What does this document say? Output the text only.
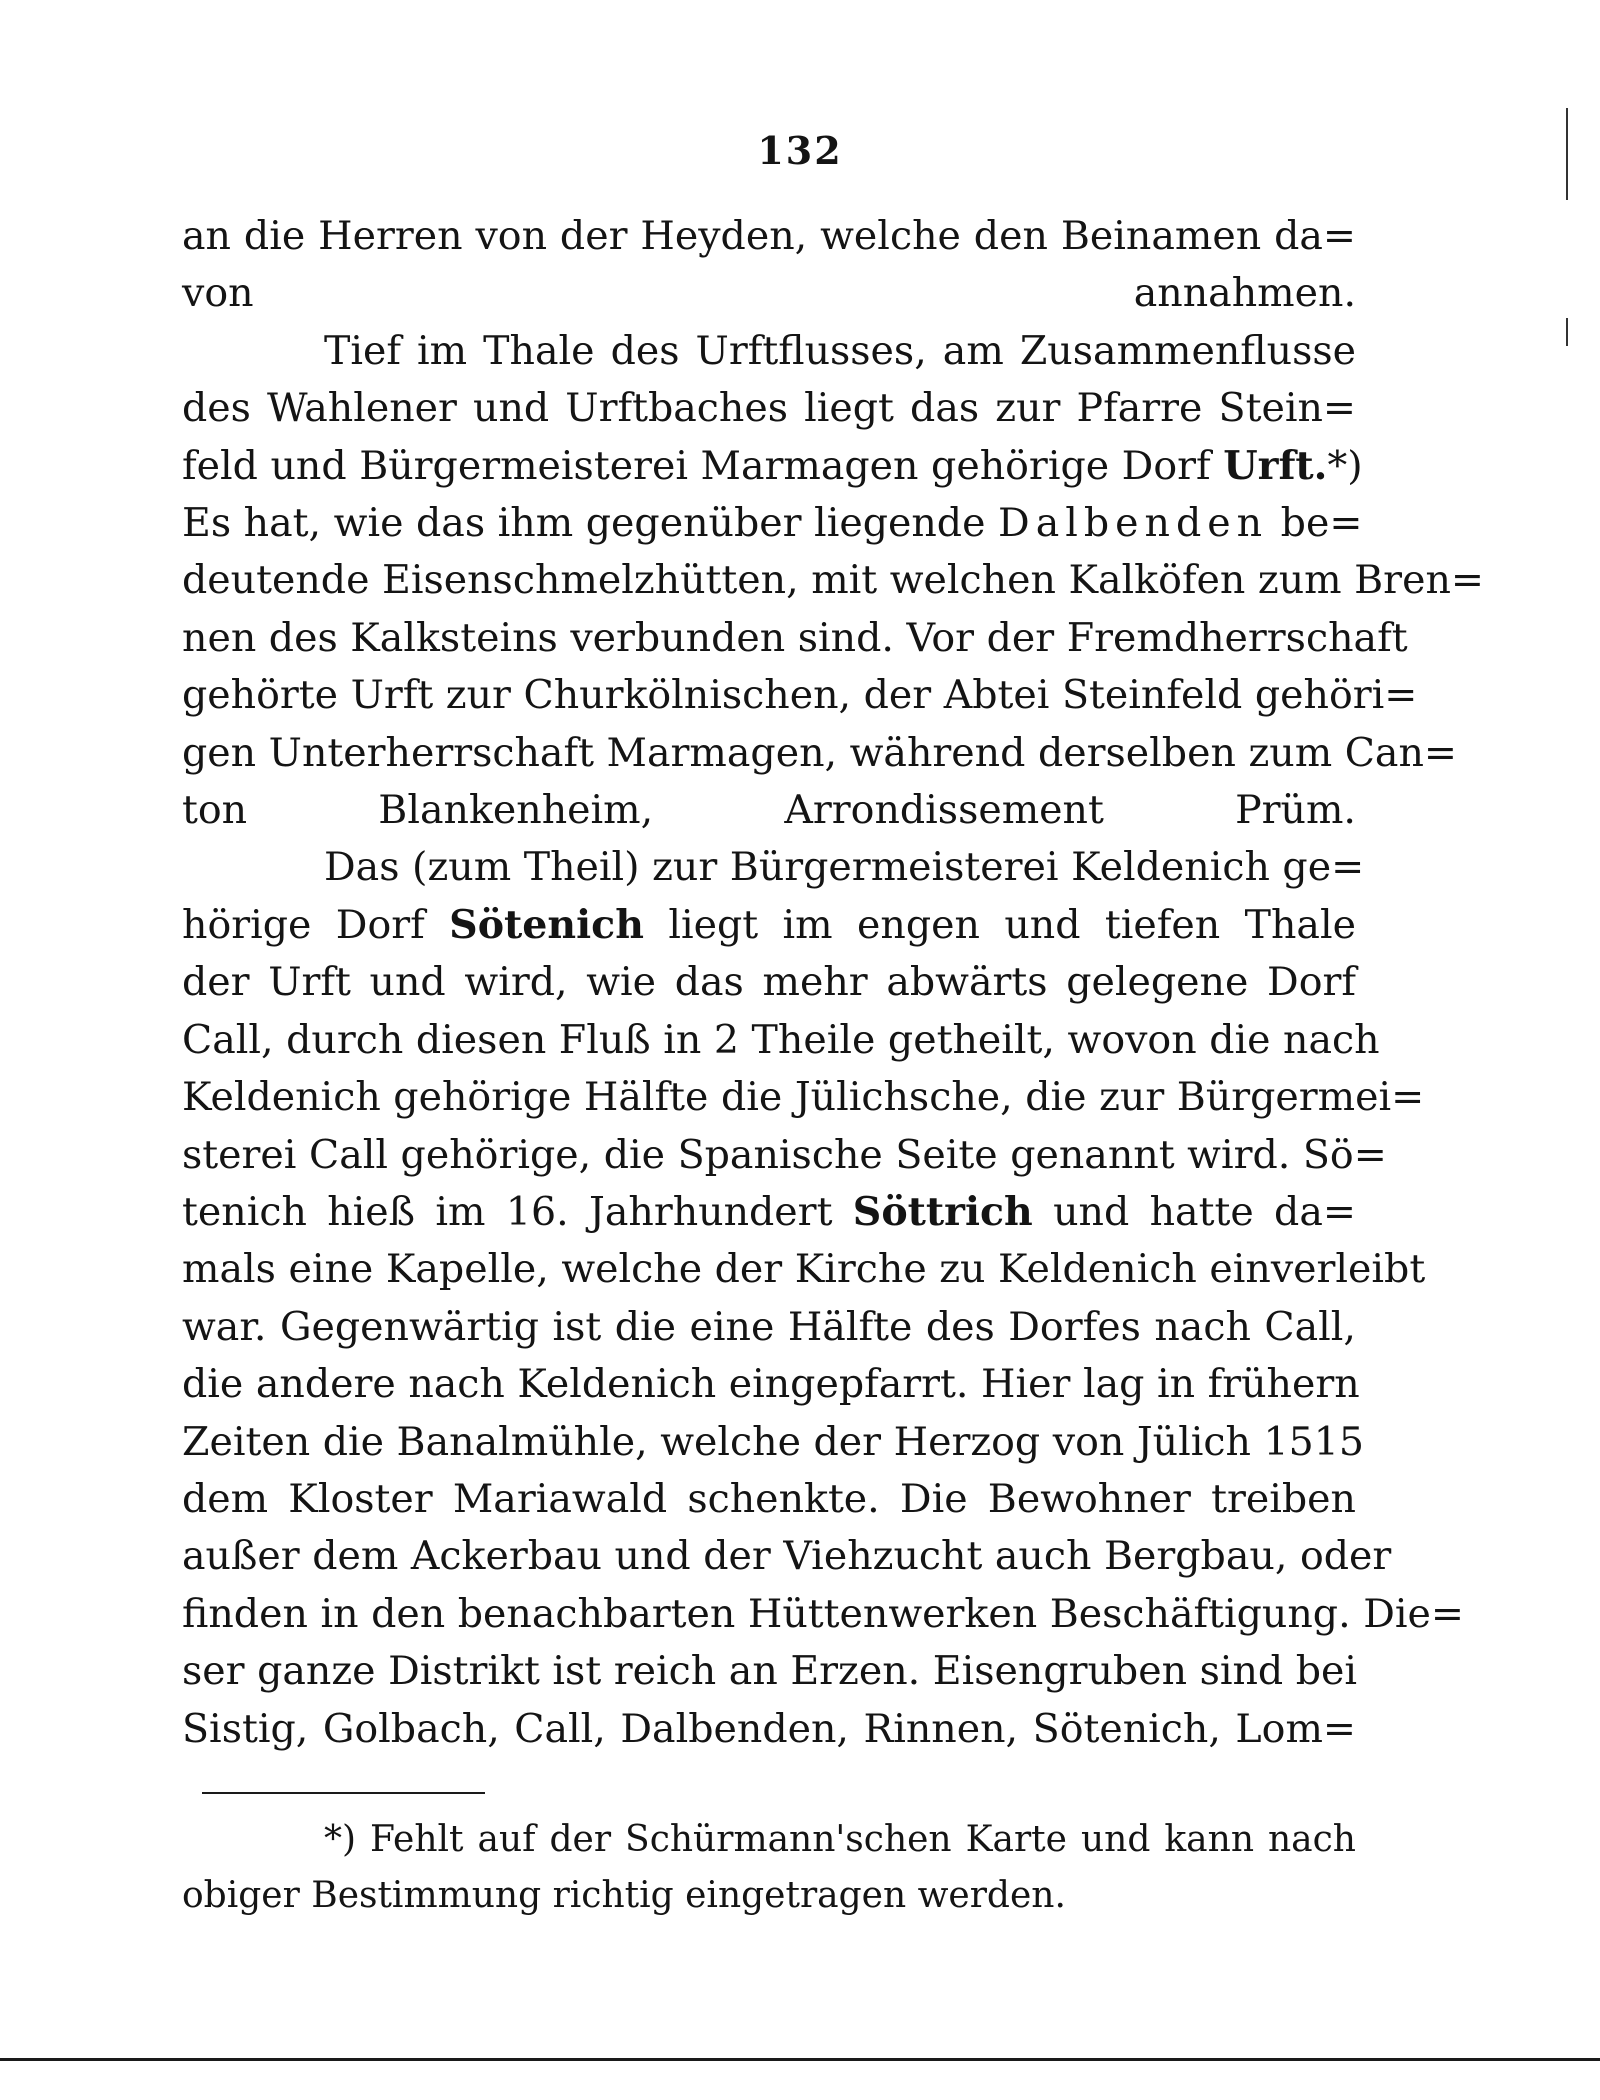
132

an die Herren von der Heyden, welche den Beinamen da=
von annahmen.

Tief im Thale des Urftflusses, am Zusammenflusse
des Wahlener und Urftbaches liegt das zur Pfarre Stein=
feld und Bürgermeisterei Marmagen gehörige Dorf Urft.*)
Es hat, wie das ihm gegenüber liegende Dalbenden be=
deutende Eisenschmelzhütten, mit welchen Kalköfen zum Bren=
nen des Kalksteins verbunden sind. Vor der Fremdherrschaft
gehörte Urft zur Churkölnischen, der Abtei Steinfeld gehöri=
gen Unterherrschaft Marmagen, während derselben zum Can=
ton Blankenheim, Arrondissement Prüm.

Das (zum Theil) zur Bürgermeisterei Keldenich ge=
hörige Dorf Sötenich liegt im engen und tiefen Thale
der Urft und wird, wie das mehr abwärts gelegene Dorf
Call, durch diesen Fluß in 2 Theile getheilt, wovon die nach
Keldenich gehörige Hälfte die Jülichsche, die zur Bürgermei=
sterei Call gehörige, die Spanische Seite genannt wird. Sö=
tenich hieß im 16. Jahrhundert Söttrich und hatte da=
mals eine Kapelle, welche der Kirche zu Keldenich einverleibt
war. Gegenwärtig ist die eine Hälfte des Dorfes nach Call,
die andere nach Keldenich eingepfarrt. Hier lag in frühern
Zeiten die Banalmühle, welche der Herzog von Jülich 1515
dem Kloster Mariawald schenkte. Die Bewohner treiben
außer dem Ackerbau und der Viehzucht auch Bergbau, oder
finden in den benachbarten Hüttenwerken Beschäftigung. Die=
ser ganze Distrikt ist reich an Erzen. Eisengruben sind bei
Sistig, Golbach, Call, Dalbenden, Rinnen, Sötenich, Lom=

*) Fehlt auf der Schürmann'schen Karte und kann nach
obiger Bestimmung richtig eingetragen werden.
